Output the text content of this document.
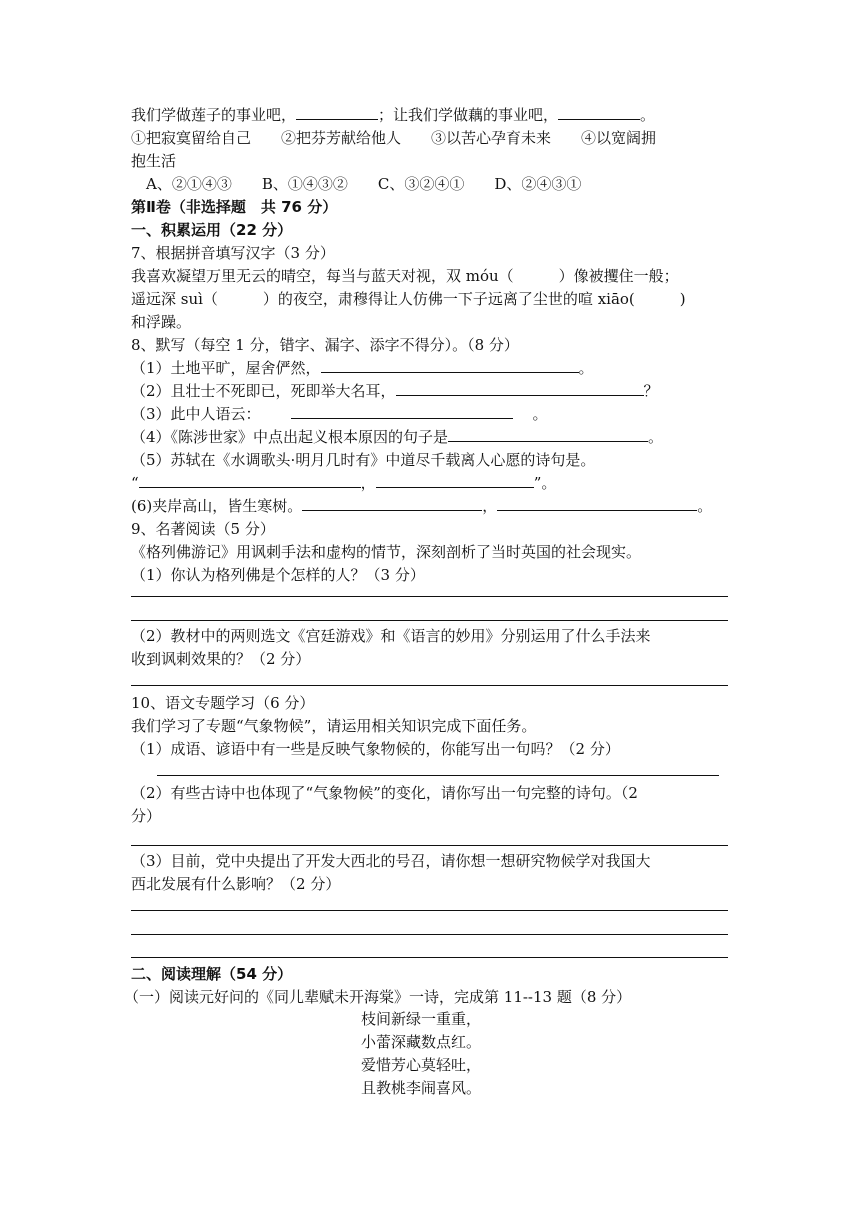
我们学做莲子的事业吧，	；让我们学做藕的事业吧，	。
①把寂寞留给自己　　②把芬芳献给他人　　③以苦心孕育未来　　④以宽阔拥
抱生活
　A、②①④③　　B、①④③②　　C、③②④①　　D、②④③①
第Ⅱ卷（非选择题　共 76 分）
一、积累运用（22 分）
7、根据拼音填写汉字（3 分）
我喜欢凝望万里无云的晴空，每当与蓝天对视，双 móu（　　　）像被攫住一般；
遥远深 suì（　　　）的夜空，肃穆得让人仿佛一下子远离了尘世的喧 xiāo(　　　)
和浮躁。
8、默写（每空 1 分，错字、漏字、添字不得分）。（8 分）
（1）土地平旷，屋舍俨然，	。
（2）且壮士不死即已，死即举大名耳，	？
（3）此中人语云：	。
（4）《陈涉世家》中点出起义根本原因的句子是	。
（5）苏轼在《水调歌头·明月几时有》中道尽千载离人心愿的诗句是。
“	，	”。
(6)夹岸高山，皆生寒树。	，	。
9、名著阅读（5 分）
《格列佛游记》用讽刺手法和虚构的情节，深刻剖析了当时英国的社会现实。
（1）你认为格列佛是个怎样的人？（3 分）
（2）教材中的两则选文《宫廷游戏》和《语言的妙用》分别运用了什么手法来
收到讽刺效果的？（2 分）
10、语文专题学习（6 分）
我们学习了专题“气象物候”，请运用相关知识完成下面任务。
（1）成语、谚语中有一些是反映气象物候的，你能写出一句吗？（2 分）
（2）有些古诗中也体现了“气象物候”的变化，请你写出一句完整的诗句。（2
分）
（3）目前，党中央提出了开发大西北的号召，请你想一想研究物候学对我国大
西北发展有什么影响？（2 分）
二、阅读理解（54 分）
（一）阅读元好问的《同儿辈赋未开海棠》一诗，完成第 11--13 题（8 分）
枝间新绿一重重，
小蕾深藏数点红。
爱惜芳心莫轻吐，
且教桃李闹喜风。
